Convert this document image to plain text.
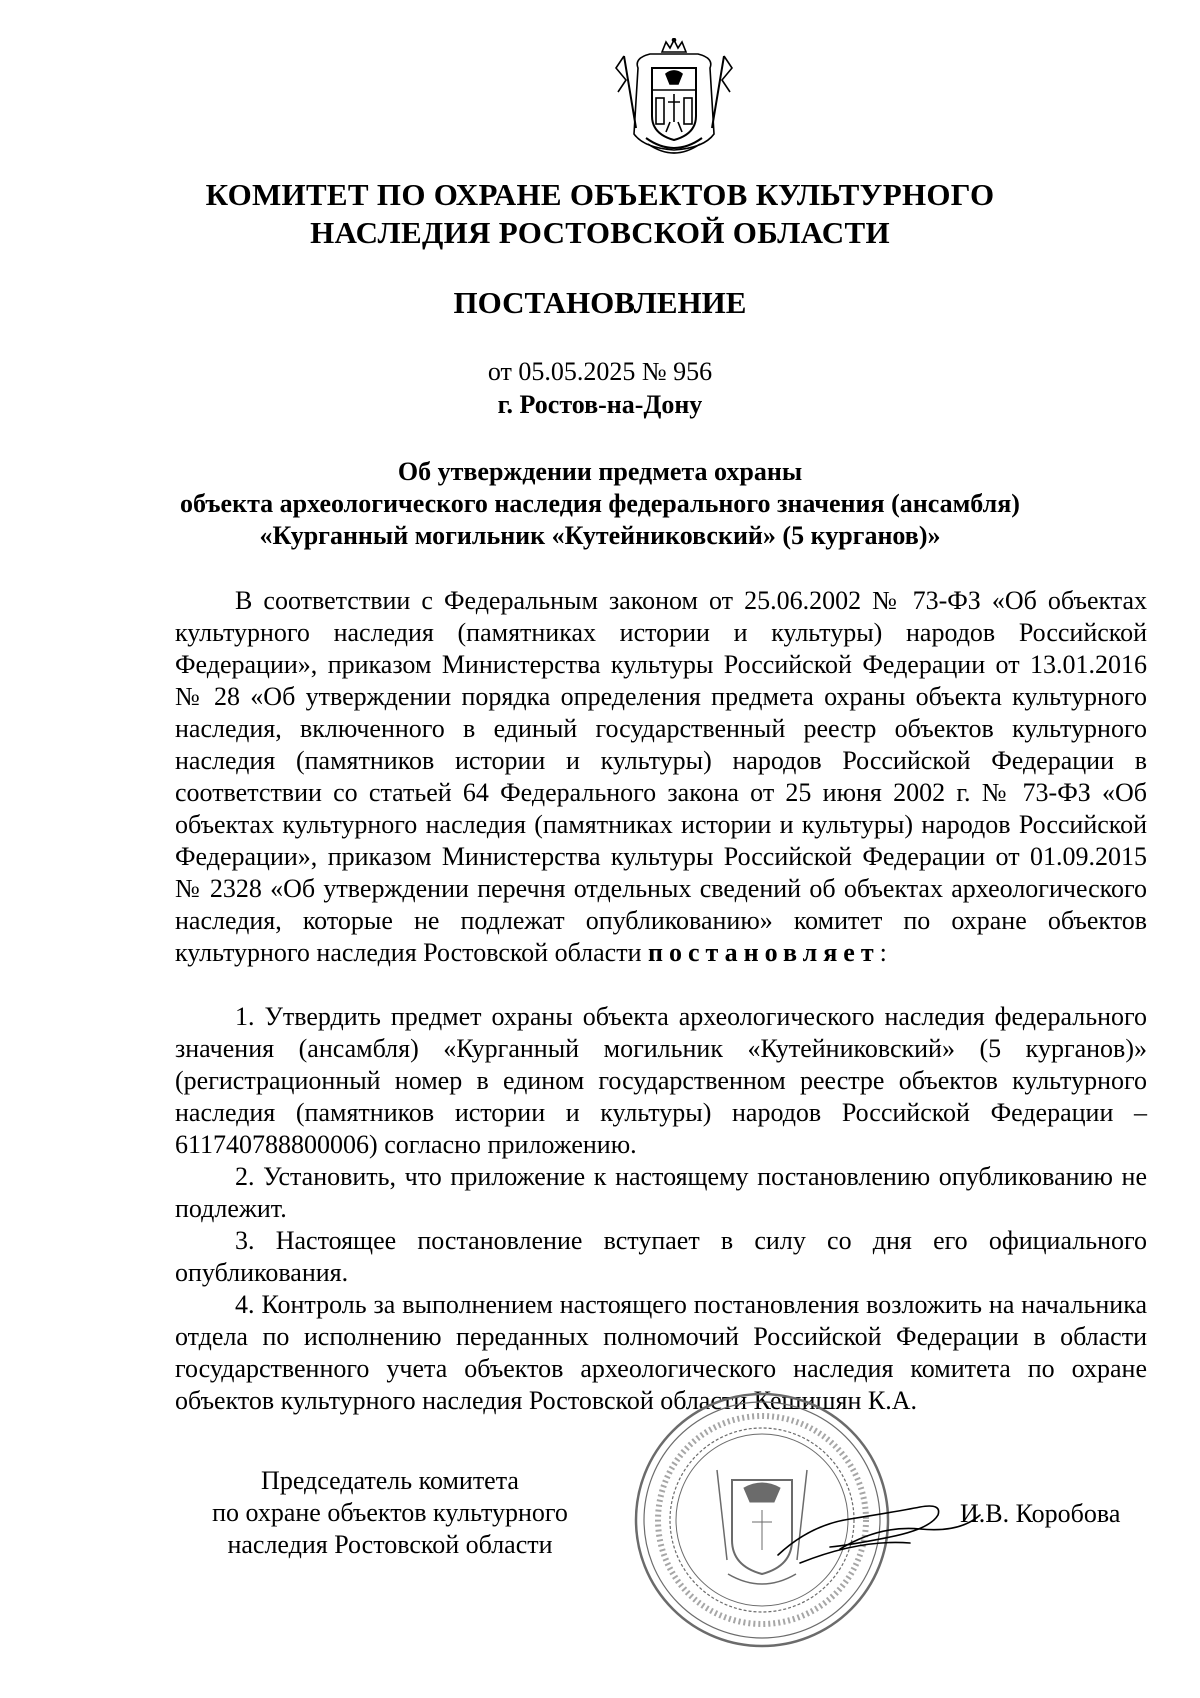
КОМИТЕТ ПО ОХРАНЕ ОБЪЕКТОВ КУЛЬТУРНОГО
НАСЛЕДИЯ РОСТОВСКОЙ ОБЛАСТИ
ПОСТАНОВЛЕНИЕ
от 05.05.2025 № 956
г. Ростов-на-Дону
Об утверждении предмета охраны
объекта археологического наследия федерального значения (ансамбля)
«Курганный могильник «Кутейниковский» (5 курганов)»

В соответствии с Федеральным законом от 25.06.2002 № 73-ФЗ «Об объектах культурного наследия (памятниках истории и культуры) народов Российской Федерации», приказом Министерства культуры Российской Федерации от 13.01.2016 № 28 «Об утверждении порядка определения предмета охраны объекта культурного наследия, включенного в единый государственный реестр объектов культурного наследия (памятников истории и культуры) народов Российской Федерации в соответствии со статьей 64 Федерального закона от 25 июня 2002 г. № 73-ФЗ «Об объектах культурного наследия (памятниках истории и культуры) народов Российской Федерации», приказом Министерства культуры Российской Федерации от 01.09.2015 № 2328 «Об утверждении перечня отдельных сведений об объектах археологического наследия, которые не подлежат опубликованию» комитет по охране объектов культурного наследия Ростовской области постановляет:

1. Утвердить предмет охраны объекта археологического наследия федерального значения (ансамбля) «Курганный могильник «Кутейниковский» (5 курганов)» (регистрационный номер в едином государственном реестре объектов культурного наследия (памятников истории и культуры) народов Российской Федерации – 611740788800006) согласно приложению.

2. Установить, что приложение к настоящему постановлению опубликованию не подлежит.

3. Настоящее постановление вступает в силу со дня его официального опубликования.

4. Контроль за выполнением настоящего постановления возложить на начальника отдела по исполнению переданных полномочий Российской Федерации в области государственного учета объектов археологического наследия комитета по охране объектов культурного наследия Ростовской области Кешишян К.А.

Председатель комитета
по охране объектов культурного
наследия Ростовской области
И.В. Коробова
